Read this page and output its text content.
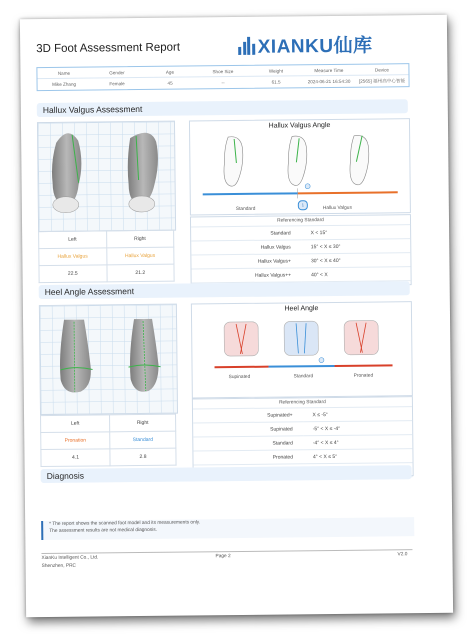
3D Foot Assessment Report	XIANKU仙库
Name	Gender	Age	Shoe Size	Weight	Measure Time	Device
Mike Zhang	Female	45	--	61.5	2024-06-21 16:54:30	[2565] 福州高中心智能
Hallux Valgus Assessment
Left	Right
Hallux Valgus	Hallux Valgus
22.5	21.2
Hallux Valgus Angle
1
Standard	Hallux Valgus
Referencing Standard
Standard	X < 15°
Hallux Valgus	15° < X ≤ 30°
Hallux Valgus+	30° < X ≤ 40°
Hallux Valgus++	40° < X
Heel Angle Assessment
Left	Right
Pronation	Standard
4.1	2.8
Heel Angle
Supinated	Standard	Pronated
Referencing Standard
Supinated+	X ≤ -5°
Supinated	-5° < X ≤ -4°
Standard	-4° < X ≤ 4°
Pronated	4° < X ≤ 5°

Diagnosis
* The report shows the scanned foot model and its measurements only.
The assessment results are not medical diagnosis.
XianKu Intelligent Co., Ltd.
Shenzhen, PRC
Page 2	V2.0
